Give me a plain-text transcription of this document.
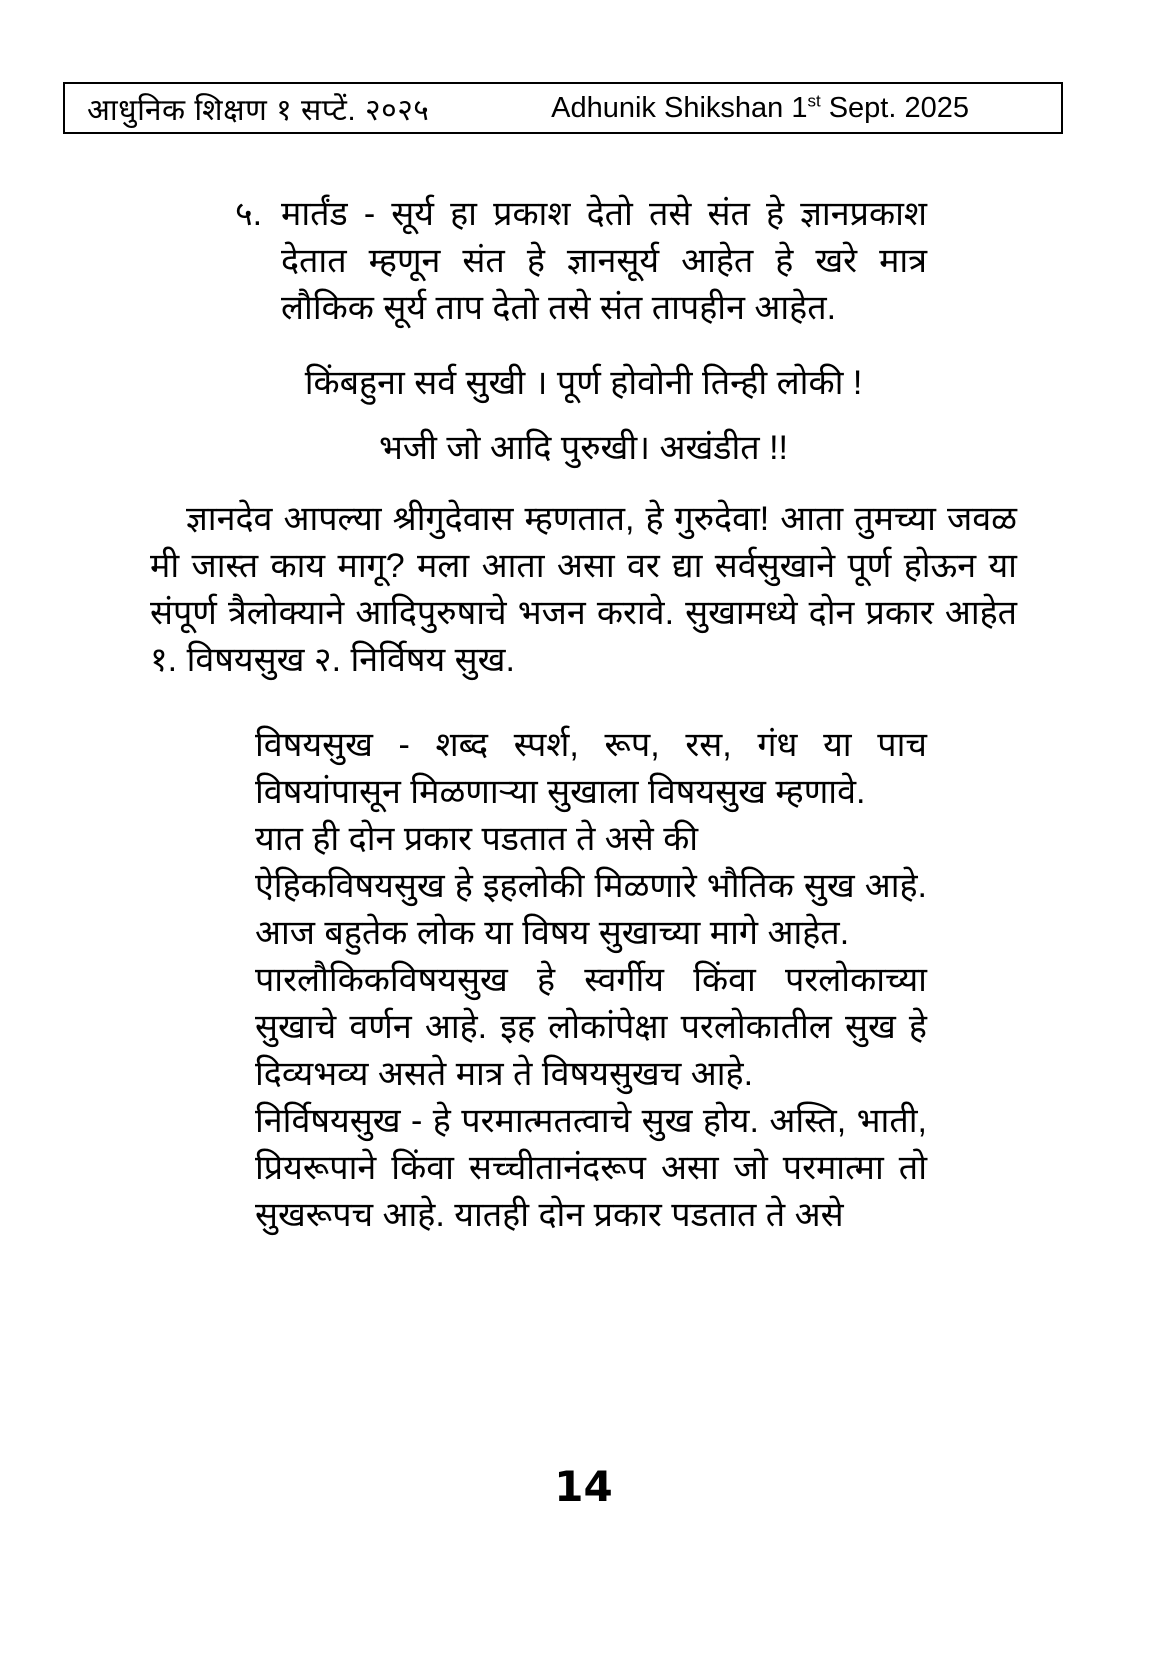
आधुनिक शिक्षण १ सप्टें. २०२५	Adhunik Shikshan 1st Sept. 2025
५. मार्तंड - सूर्य हा प्रकाश देतो तसे संत हे ज्ञानप्रकाश देतात म्हणून संत हे ज्ञानसूर्य आहेत हे खरे मात्र लौकिक सूर्य ताप देतो तसे संत तापहीन आहेत.

किंबहुना सर्व सुखी । पूर्ण होवोनी तिन्ही लोकी !

भजी जो आदि पुरुखी। अखंडीत !!

ज्ञानदेव आपल्या श्रीगुदेवास म्हणतात, हे गुरुदेवा! आता तुमच्या जवळ मी जास्त काय मागू? मला आता असा वर द्या सर्वसुखाने पूर्ण होऊन या संपूर्ण त्रैलोक्याने आदिपुरुषाचे भजन करावे. सुखामध्ये दोन प्रकार आहेत १. विषयसुख २. निर्विषय सुख.

विषयसुख - शब्द स्पर्श, रूप, रस, गंध या पाच विषयांपासून मिळणाऱ्या सुखाला विषयसुख म्हणावे.

यात ही दोन प्रकार पडतात ते असे की

ऐहिकविषयसुख हे इहलोकी मिळणारे भौतिक सुख आहे. आज बहुतेक लोक या विषय सुखाच्या मागे आहेत.

पारलौकिकविषयसुख हे स्वर्गीय किंवा परलोकाच्या सुखाचे वर्णन आहे. इह लोकांपेक्षा परलोकातील सुख हे दिव्यभव्य असते मात्र ते विषयसुखच आहे.

निर्विषयसुख - हे परमात्मतत्वाचे सुख होय. अस्ति, भाती, प्रियरूपाने किंवा सच्चीतानंदरूप असा जो परमात्मा तो सुखरूपच आहे. यातही दोन प्रकार पडतात ते असे

14
